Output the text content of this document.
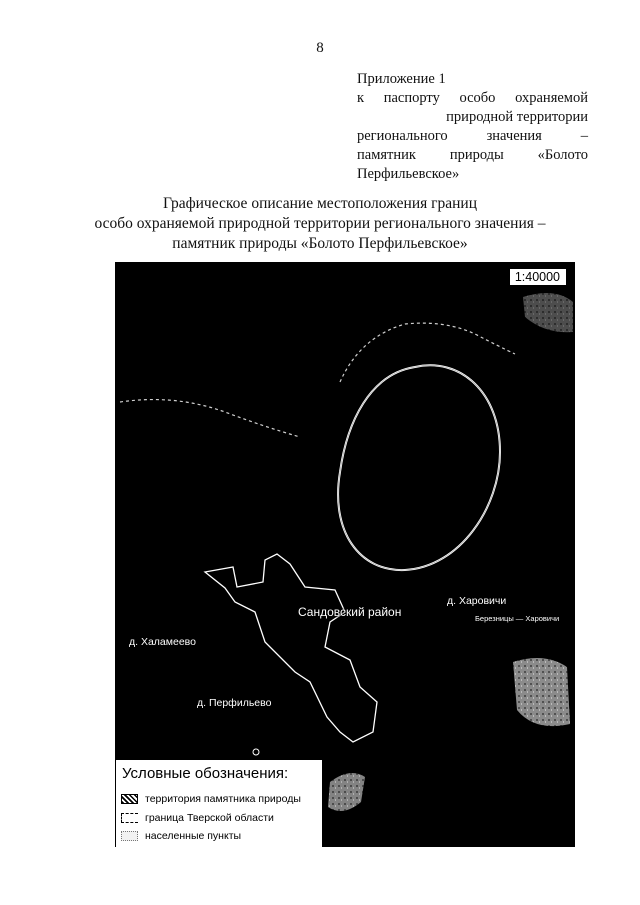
8
Приложение 1
к паспорту особо охраняемой
природной территории
регионального значения –
памятник природы «Болото
Перфильевское»
Графическое описание местоположения границ
особо охраняемой природной территории регионального значения –
памятник природы «Болото Перфильевское»
1:40000
Сандовский район
д. Харовичи
Березницы — Харовичи
д. Халамеево
д. Перфильево
Условные обозначения:
территория памятника природы
граница Тверской области
населенные пункты
